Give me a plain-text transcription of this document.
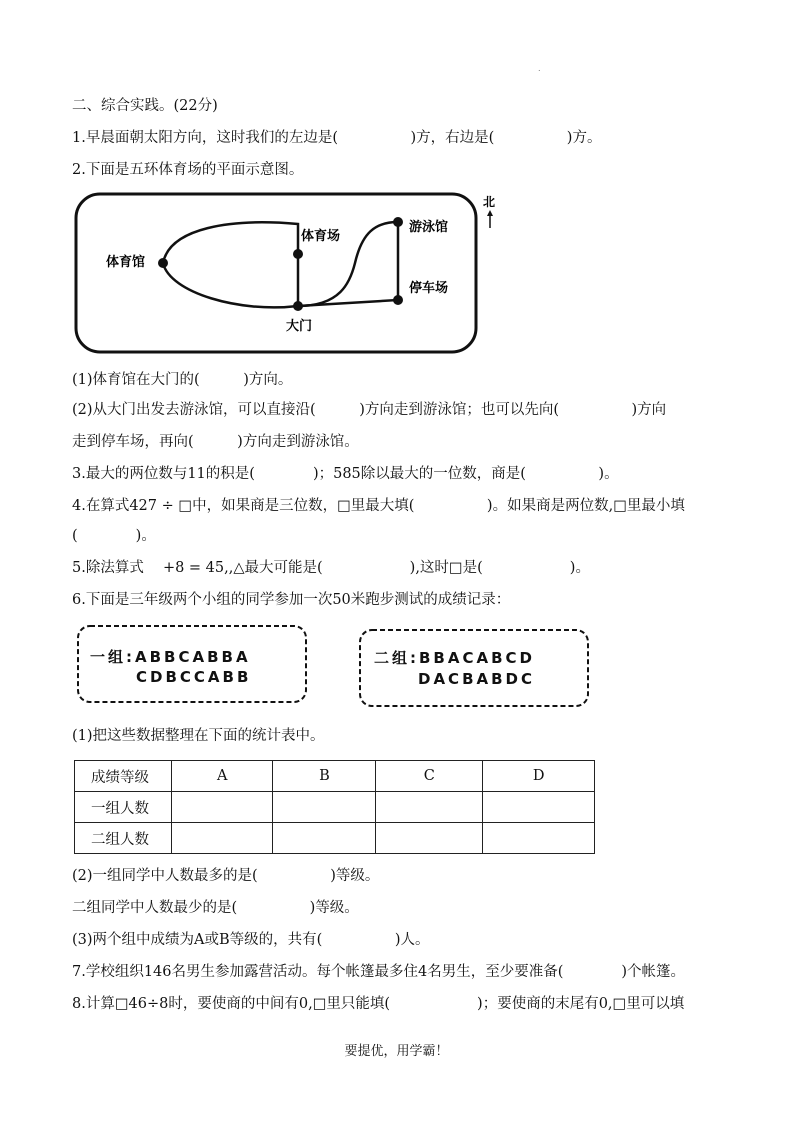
.
二、综合实践。(22分)
1.早晨面朝太阳方向，这时我们的左边是(　　　　　)方，右边是(　　　　　)方。
2.下面是五环体育场的平面示意图。
体育馆
体育场
游泳馆
停车场
大门
北
(1)体育馆在大门的(　　　)方向。
(2)从大门出发去游泳馆，可以直接沿(　　　)方向走到游泳馆；也可以先向(　　　　　)方向
走到停车场，再向(　　　)方向走到游泳馆。
3.最大的两位数与11的积是(　　　　)；585除以最大的一位数，商是(　　　　　)。
4.在算式427 ÷ □中，如果商是三位数，□里最大填(　　　　　)。如果商是两位数,□里最小填
(　　　　)。
5.除法算式　 +8 = 45,,△最大可能是(　　　　　　),这时□是(　　　　　　)。
6.下面是三年级两个小组的同学参加一次50米跑步测试的成绩记录：
一组:ABBCABBA
CDBCCABB
二组:BBACABCD
DACBABDC
(1)把这些数据整理在下面的统计表中。
成绩等级	A	B	C	D
一组人数				
二组人数				
(2)一组同学中人数最多的是(　　　　　)等级。
二组同学中人数最少的是(　　　　　)等级。
(3)两个组中成绩为A或B等级的，共有(　　　　　)人。
7.学校组织146名男生参加露营活动。每个帐篷最多住4名男生，至少要准备(　　　　)个帐篷。
8.计算□46÷8时，要使商的中间有0,□里只能填(　　　　　　)；要使商的末尾有0,□里可以填
要提优，用学霸！
